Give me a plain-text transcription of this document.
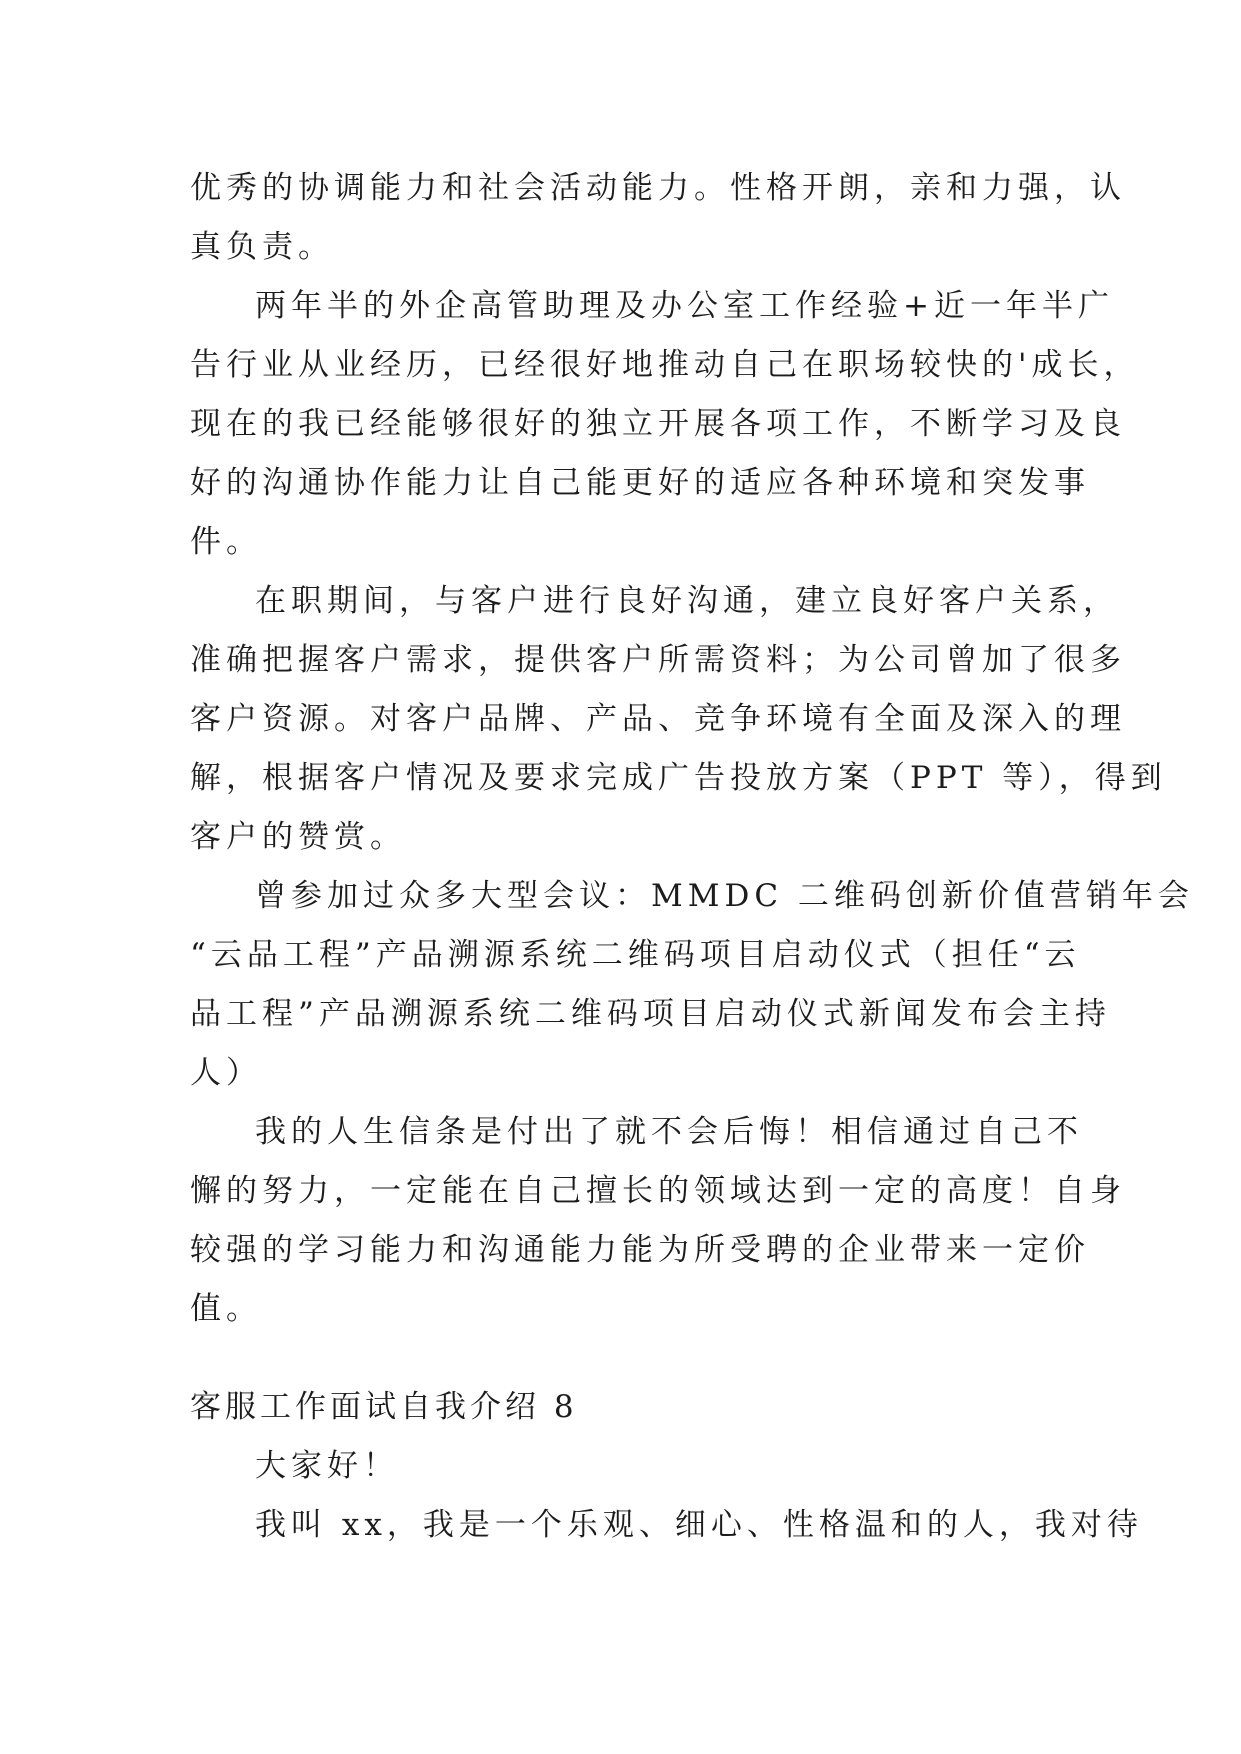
优秀的协调能力和社会活动能力。性格开朗，亲和力强，认
真负责。
两年半的外企高管助理及办公室工作经验+近一年半广
告行业从业经历，已经很好地推动自己在职场较快的'成长，
现在的我已经能够很好的独立开展各项工作，不断学习及良
好的沟通协作能力让自己能更好的适应各种环境和突发事
件。
在职期间，与客户进行良好沟通，建立良好客户关系，
准确把握客户需求，提供客户所需资料；为公司曾加了很多
客户资源。对客户品牌、产品、竞争环境有全面及深入的理
解，根据客户情况及要求完成广告投放方案（PPT 等），得到
客户的赞赏。
曾参加过众多大型会议：MMDC 二维码创新价值营销年会
“云品工程”产品溯源系统二维码项目启动仪式（担任“云
品工程”产品溯源系统二维码项目启动仪式新闻发布会主持
人）
我的人生信条是付出了就不会后悔！相信通过自己不
懈的努力，一定能在自己擅长的领域达到一定的高度！自身
较强的学习能力和沟通能力能为所受聘的企业带来一定价
值。
客服工作面试自我介绍 8
大家好！
我叫 xx，我是一个乐观、细心、性格温和的人，我对待
